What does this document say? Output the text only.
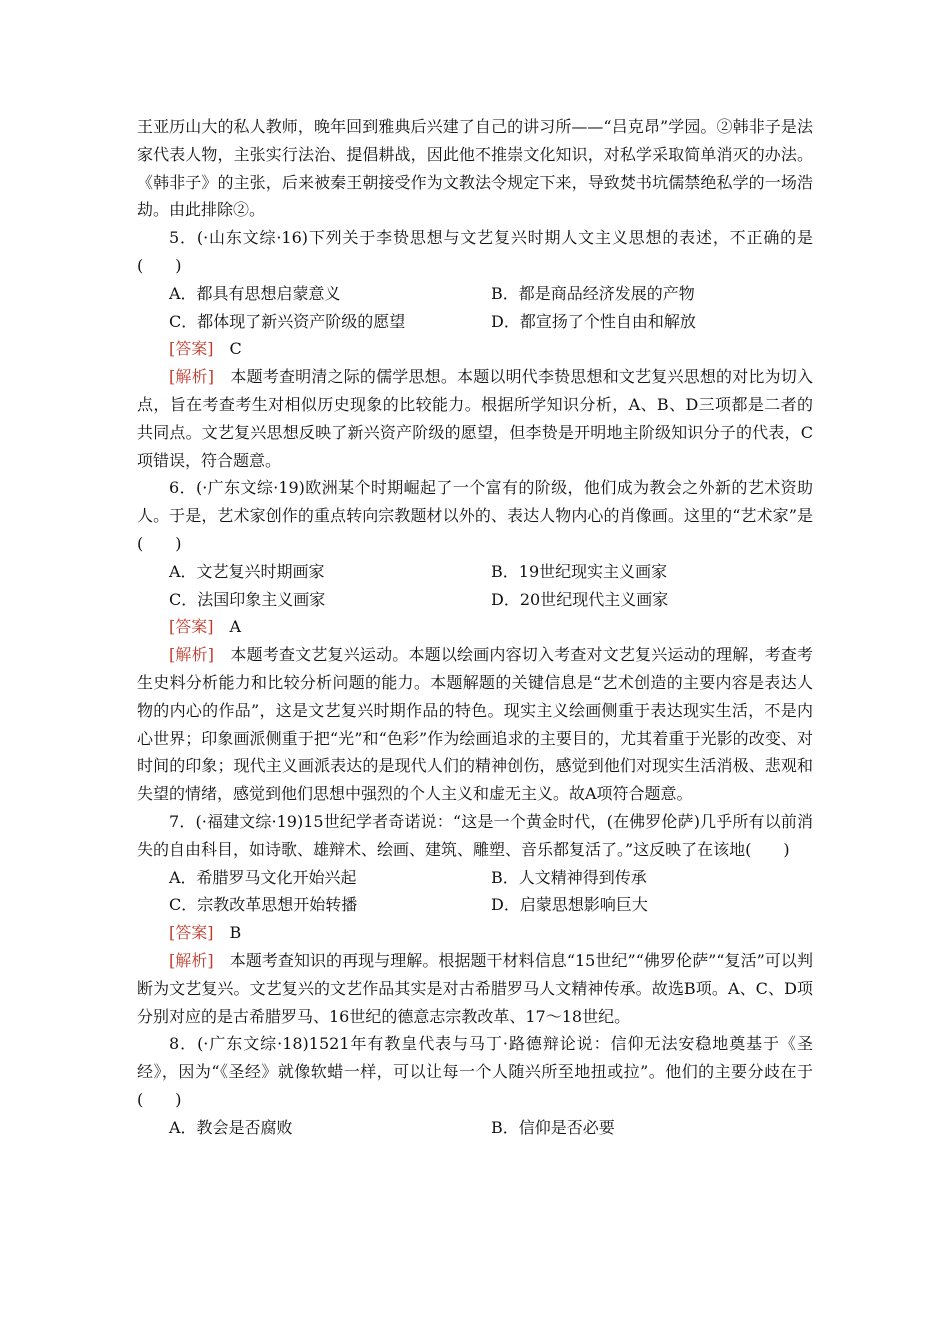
王亚历山大的私人教师，晚年回到雅典后兴建了自己的讲习所——“吕克昂”学园。②韩非子是法家代表人物，主张实行法治、提倡耕战，因此他不推崇文化知识，对私学采取简单消灭的办法。《韩非子》的主张，后来被秦王朝接受作为文教法令规定下来，导致焚书坑儒禁绝私学的一场浩劫。由此排除②。

5．(·山东文综·16)下列关于李贽思想与文艺复兴时期人文主义思想的表述，不正确的是(　　)

A．都具有思想启蒙意义	B．都是商品经济发展的产物
C．都体现了新兴资产阶级的愿望	D．都宣扬了个性自由和解放

[答案]　 C

[解析]　 本题考查明清之际的儒学思想。本题以明代李贽思想和文艺复兴思想的对比为切入点，旨在考查考生对相似历史现象的比较能力。根据所学知识分析，A、B、D三项都是二者的共同点。文艺复兴思想反映了新兴资产阶级的愿望，但李贽是开明地主阶级知识分子的代表，C项错误，符合题意。

6．(·广东文综·19)欧洲某个时期崛起了一个富有的阶级，他们成为教会之外新的艺术资助人。于是，艺术家创作的重点转向宗教题材以外的、表达人物内心的肖像画。这里的“艺术家”是(　　)

A．文艺复兴时期画家	B．19世纪现实主义画家
C．法国印象主义画家	D．20世纪现代主义画家

[答案]　 A

[解析]　 本题考查文艺复兴运动。本题以绘画内容切入考查对文艺复兴运动的理解，考查考生史料分析能力和比较分析问题的能力。本题解题的关键信息是“艺术创造的主要内容是表达人物的内心的作品”，这是文艺复兴时期作品的特色。现实主义绘画侧重于表达现实生活，不是内心世界；印象画派侧重于把“光”和“色彩”作为绘画追求的主要目的，尤其着重于光影的改变、对时间的印象；现代主义画派表达的是现代人们的精神创伤，感觉到他们对现实生活消极、悲观和失望的情绪，感觉到他们思想中强烈的个人主义和虚无主义。故A项符合题意。

7．(·福建文综·19)15世纪学者奇诺说：“这是一个黄金时代，(在佛罗伦萨)几乎所有以前消失的自由科目，如诗歌、雄辩术、绘画、建筑、雕塑、音乐都复活了。”这反映了在该地(　　)

A．希腊罗马文化开始兴起	B．人文精神得到传承
C．宗教改革思想开始转播	D．启蒙思想影响巨大

[答案]　 B

[解析]　 本题考查知识的再现与理解。根据题干材料信息“15世纪”“佛罗伦萨”“复活”可以判断为文艺复兴。文艺复兴的文艺作品其实是对古希腊罗马人文精神传承。故选B项。A、C、D项分别对应的是古希腊罗马、16世纪的德意志宗教改革、17～18世纪。

8．(·广东文综·18)1521年有教皇代表与马丁·路德辩论说：信仰无法安稳地奠基于《圣经》，因为“《圣经》就像软蜡一样，可以让每一个人随兴所至地扭或拉”。他们的主要分歧在于(　　)

A．教会是否腐败	B．信仰是否必要
